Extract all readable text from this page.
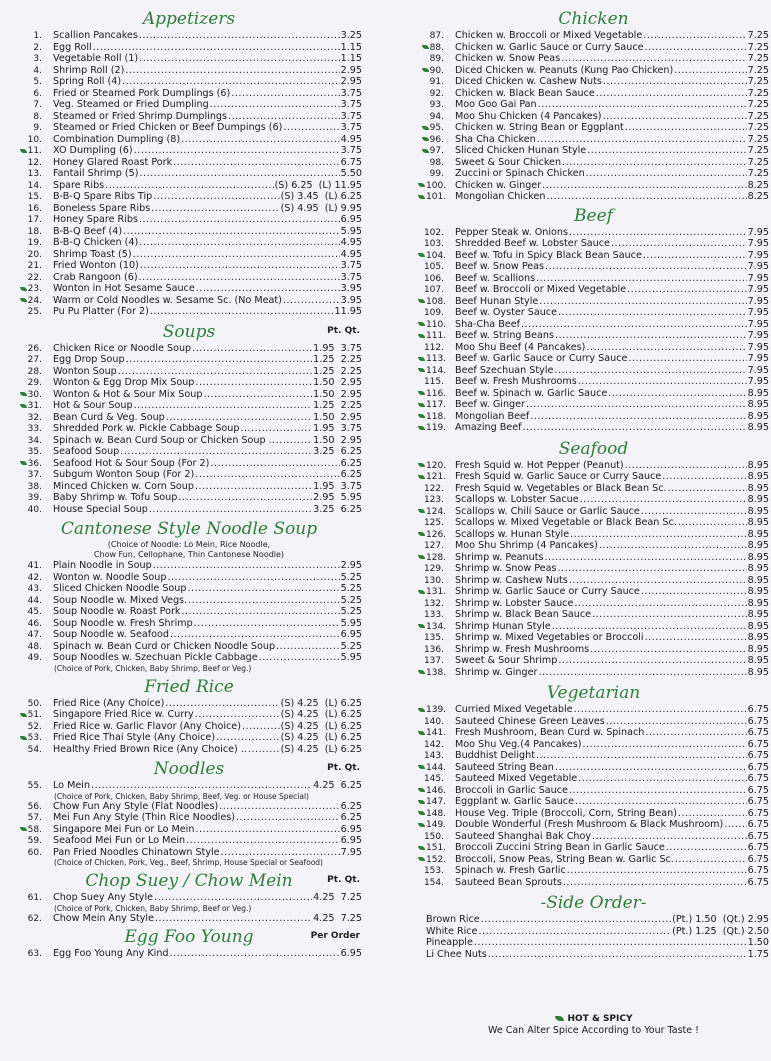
Appetizers
1.	Scallion Pancakes .....	3.25
2.	Egg Roll .....	1.15
3.	Vegetable Roll (1) .....	1.15
4.	Shrimp Roll (2) .....	2.95
5.	Spring Roll (4) .....	2.95
6.	Fried or Steamed Pork Dumplings (6) .....	3.75
7.	Veg. Steamed or Fried Dumpling .....	3.75
8.	Steamed or Fried Shrimp Dumplings .....	3.75
9.	Steamed or Fried Chicken or Beef Dumpings (6) .....	3.75
10.	Combination Dumpling (8) .....	4.95
11.	XO Dumpling (6) .....	3.75
12.	Honey Glared Roast Pork .....	6.75
13.	Fantail Shrimp (5) .....	5.50
14.	Spare Ribs .....	(S) 6.25  (L) 11.95
15.	B-B-Q Spare Ribs Tip .....	(S) 3.45  (L) 6.25
16.	Boneless Spare Ribs .....	(S) 4.95  (L) 9.95
17.	Honey Spare Ribs .....	6.95
18.	B-B-Q Beef (4) .....	5.95
19.	B-B-Q Chicken (4) .....	4.95
20.	Shrimp Toast (5) .....	4.95
21.	Fried Wonton (10) .....	3.75
22.	Crab Rangoon (6) .....	3.75
23.	Wonton in Hot Sesame Sauce .....	3.95
24.	Warm or Cold Noodles w. Sesame Sc. (No Meat) .....	3.95
25.	Pu Pu Platter (For 2) .....	11.95
Soups	Pt. Qt.
26.	Chicken Rice or Noodle Soup .....	1.95  3.75
27.	Egg Drop Soup .....	1.25  2.25
28.	Wonton Soup .....	1.25  2.25
29.	Wonton & Egg Drop Mix Soup .....	1.50  2.95
30.	Wonton & Hot & Sour Mix Soup .....	1.50  2.95
31.	Hot & Sour Soup .....	1.25  2.25
32.	Bean Curd & Veg. Soup .....	1.50  2.95
33.	Shredded Pork w. Pickle Cabbage Soup .....	1.95  3.75
34.	Spinach w. Bean Curd Soup or Chicken Soup .. .....	1.50  2.95
35.	Seafood Soup .....	3.25  6.25
36.	Seafood Hot & Sour Soup (For 2) .....	6.25
37.	Subgum Wonton Soup (For 2) .....	6.25
38.	Minced Chicken w. Corn Soup .....	1.95  3.75
39.	Baby Shrimp w. Tofu Soup .....	2.95  5.95
40.	House Special Soup .....	3.25  6.25
Cantonese Style Noodle Soup
(Choice of Noodle: Lo Mein, Rice Noodle,
Chow Fun, Cellophane, Thin Cantonese Noodle)
41.	Plain Noodle in Soup .....	2.95
42.	Wonton w. Noodle Soup .....	5.25
43.	Sliced Chicken Noodle Soup .....	5.25
44.	Soup Noodle w. Mixed Vegs. .....	5.25
45.	Soup Noodle w. Roast Pork .....	5.25
46.	Soup Noodle w. Fresh Shrimp .....	5.95
47.	Soup Noodle w. Seafood .....	6.95
48.	Spinach w. Bean Curd or Chicken Noodle Soup .....	5.25
49.	Soup Noodles w. Szechuan Pickle Cabbage .....	5.95
(Choice of Pork, Chicken, Baby Shrimp, Beef or Veg.)
Fried Rice
50.	Fried Rice (Any Choice) .....	(S) 4.25  (L) 6.25
51.	Singapore Fried Rice w. Curry .....	(S) 4.25  (L) 6.25
52.	Fried Rice w. Garlic Flavor (Any Choice) .....	(S) 4.25  (L) 6.25
53.	Fried Rice Thai Style (Any Choice) .....	(S) 4.25  (L) 6.25
54.	Healthy Fried Brown Rice (Any Choice) .. .....	(S) 4.25  (L) 6.25
Noodles	Pt. Qt.
55.	Lo Mein .....	4.25  6.25
(Choice of Pork, Chicken, Baby Shrimp, Beef, Veg. or House Special)
56.	Chow Fun Any Style (Flat Noodles) .....	6.25
57.	Mei Fun Any Style (Thin Rice Noodles) .....	6.25
58.	Singapore Mei Fun or Lo Mein .....	6.95
59.	Seafood Mei Fun or Lo Mein .....	6.95
60.	Pan Fried Noodles Chinatown Style .....	7.95
(Choice of Chicken, Pork, Veg., Beef, Shrimp, House Special or Seafood)
Chop Suey / Chow Mein	Pt. Qt.
61.	Chop Suey Any Style .....	4.25  7.25
(Choice of Pork, Chicken, Baby Shrimp, Beef or Veg.)
62.	Chow Mein Any Style .....	4.25  7.25
Egg Foo Young	Per Order
63.	Egg Foo Young Any Kind .....	6.95
Chicken
87.	Chicken w. Broccoli or Mixed Vegetable .....	7.25
88.	Chicken w. Garlic Sauce or Curry Sauce .....	7.25
89.	Chicken w. Snow Peas .....	7.25
90.	Diced Chicken w. Peanuts (Kung Pao Chicken) .....	7.25
91.	Diced Chicken w. Cashew Nuts .....	7.25
92.	Chicken w. Black Bean Sauce .....	7.25
93.	Moo Goo Gai Pan .....	7.25
94.	Moo Shu Chicken (4 Pancakes) .....	7.25
95.	Chicken w. String Bean or Eggplant .....	7.25
96.	Sha Cha Chicken .....	7.25
97.	Sliced Chicken Hunan Style .....	7.25
98.	Sweet & Sour Chicken .....	7.25
99.	Zuccini or Spinach Chicken .....	7.25
100. Chicken w. Ginger .....	8.25
101. Mongolian Chicken .....	8.25
Beef
102.	Pepper Steak w. Onions .....	7.95
103.	Shredded Beef w. Lobster Sauce .....	7.95
104. Beef w. Tofu in Spicy Black Bean Sauce .....	7.95
105.	Beef w. Snow Peas .....	7.95
106.	Beef w. Scallions .....	7.95
107.	Beef w. Broccoli or Mixed Vegetable .....	7.95
108. Beef Hunan Style .....	7.95
109.	Beef w. Oyster Sauce .....	7.95
110. Sha-Cha Beef .....	7.95
111. Beef w. String Beans .....	7.95
112.	Moo Shu Beef (4 Pancakes) .....	7.95
113. Beef w. Garlic Sauce or Curry Sauce .....	7.95
114. Beef Szechuan Style .....	7.95
115.	Beef w. Fresh Mushrooms .....	7.95
116. Beef w. Spinach w. Garlic Sauce .....	8.95
117. Beef w. Ginger .....	8.95
118. Mongolian Beef .....	8.95
119. Amazing Beef .....	8.95
Seafood
120. Fresh Squid w. Hot Pepper (Peanut) .....	8.95
121. Fresh Squid w. Garlic Sauce or Curry Sauce .....	8.95
122.	Fresh Squid w. Vegetables or Black Bean Sc. .....	8.95
123.	Scallops w. Lobster Sacue .....	8.95
124. Scallops w. Chili Sauce or Garlic Sauce .....	8.95
125.	Scallops w. Mixed Vegetable or Black Bean Sc. .....	8.95
126. Scallops w. Hunan Style .....	8.95
127.	Moo Shu Shrimp (4 Pancakes) .....	8.95
128. Shrimp w. Peanuts .....	8.95
129.	Shrimp w. Snow Peas .....	8.95
130.	Shrimp w. Cashew Nuts .....	8.95
131. Shrimp w. Garlic Sauce or Curry Sauce .....	8.95
132.	Shrimp w. Lobster Sauce .....	8.95
133.	Shrimp w. Black Bean Sauce .....	8.95
134. Shrimp Hunan Style .....	8.95
135.	Shrimp w. Mixed Vegetables or Broccoli .....	8.95
136.	Shrimp w. Fresh Mushrooms .....	8.95
137.	Sweet & Sour Shrimp .....	8.95
138. Shrimp w. Ginger .....	8.95
Vegetarian
139. Curried Mixed Vegetable .....	6.75
140.	Sauteed Chinese Green Leaves .....	6.75
141. Fresh Mushroom, Bean Curd w. Spinach .....	6.75
142.	Moo Shu Veg.(4 Pancakes) .....	6.75
143.	Buddhist Delight .....	6.75
144. Sauteed String Bean .....	6.75
145.	Sauteed Mixed Vegetable .....	6.75
146. Broccoli in Garlic Sauce .....	6.75
147. Eggplant w. Garlic Sauce .....	6.75
148. House Veg. Triple (Broccoli, Corn, String Bean) .....	6.75
149. Double Wonderful (Fresh Mushroom & Black Mushroom) .....	6.75
150.	Sauteed Shanghai Bak Choy .....	6.75
151. Broccoli Zuccini String Bean in Garlic Sauce .....	6.75
152. Broccoli, Snow Peas, String Bean w. Garlic Sc. .....	6.75
153.	Spinach w. Fresh Garlic .....	6.75
154.	Sauteed Bean Sprouts .....	6.75
-Side Order-
Brown Rice .....	(Pt.) 1.50  (Qt.) 2.95
White Rice .....	(Pt.) 1.25  (Qt.) 2.50
Pineapple .....	1.50
Li Chee Nuts .....	1.75
HOT & SPICY
We Can Alter Spice According to Your Taste !
